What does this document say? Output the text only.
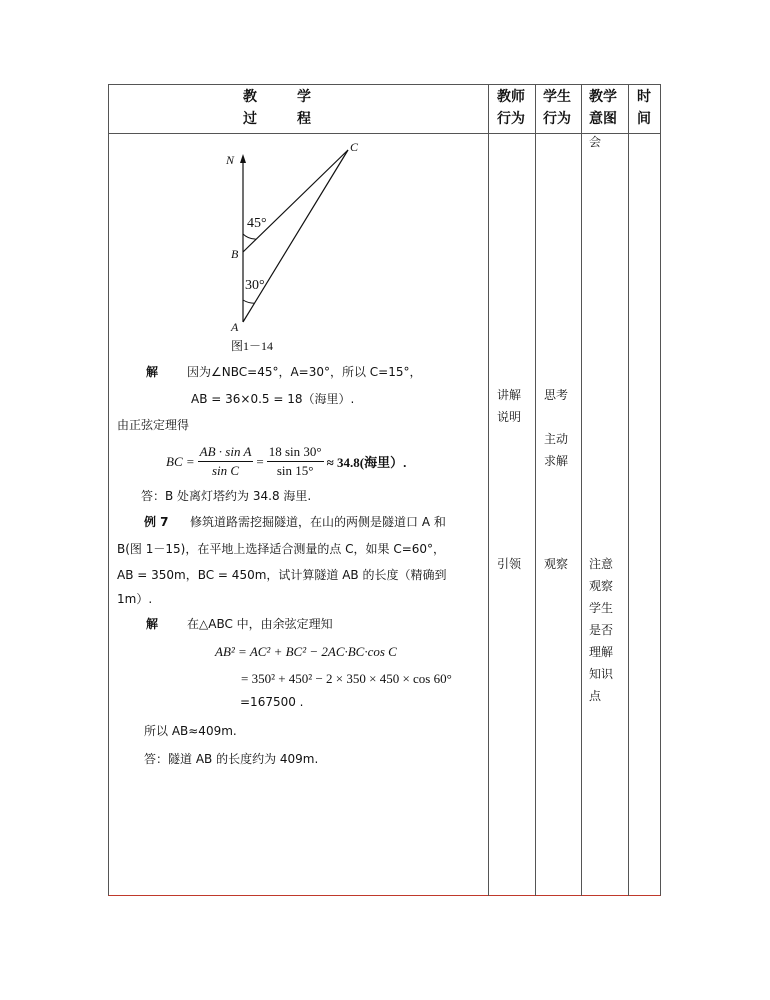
教	学
过	程
教师
行为
学生
行为
教学
意图
时
间
N
C
B
A
45°
30°
图1－14
解 因为∠NBC=45°，A=30°，所以 C=15°，
AB = 36×0.5 = 18（海里）.
由正弦定理得
BC = $\frac{\text{AB · sin A}}{\text{sin C}} = \frac{18 \sin 30^\circ}{\sin 15^\circ} \approx 34.8$(海里）.
答：B 处离灯塔约为 34.8 海里.
例 7 修筑道路需挖掘隧道，在山的两侧是隧道口 A 和
B(图 1－15)，在平地上选择适合测量的点 C，如果 C=60°，
AB = 350m，BC = 450m，试计算隧道 AB 的长度（精确到
1m）.
解 在△ABC 中，由余弦定理知
AB² = AC² + BC² − 2AC·BC·cos C
= 350² + 450² − 2 × 350 × 450 × cos 60°
=167500 .
所以 AB≈409m.
答：隧道 AB 的长度约为 409m.
讲解
说明
引领
思考
主动
求解
观察
会
注意
观察
学生
是否
理解
知识
点
